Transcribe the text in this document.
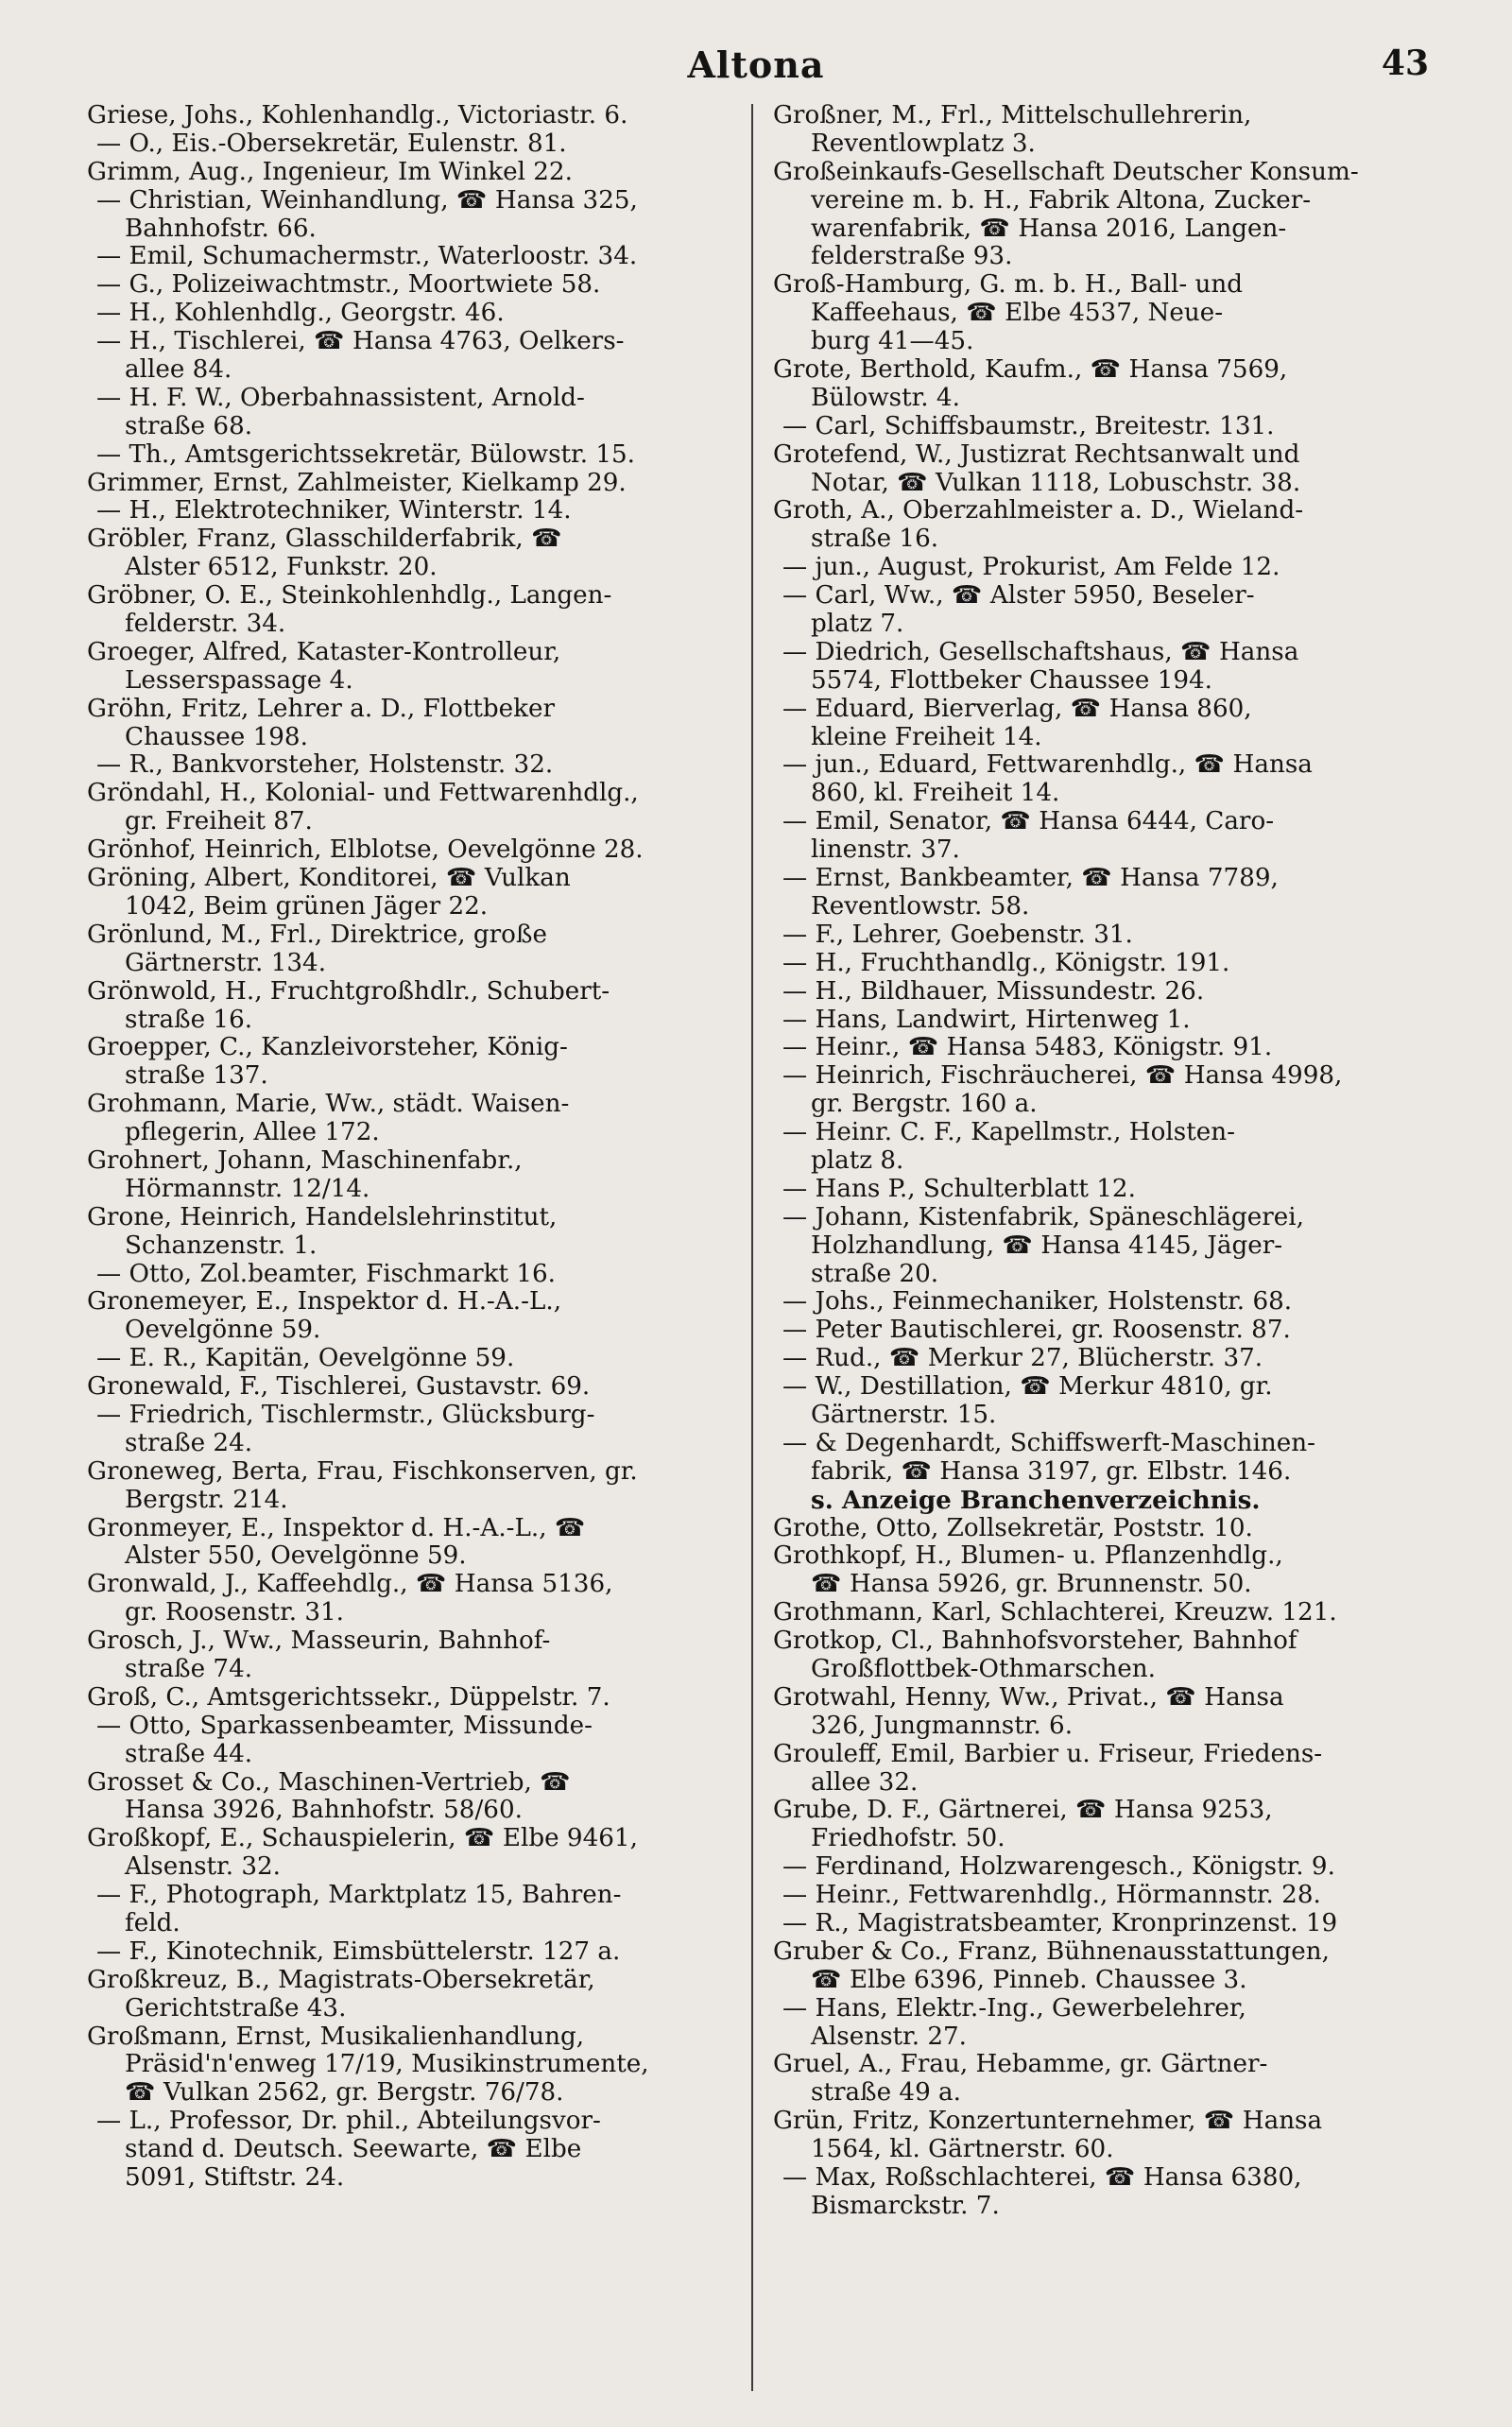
Altona	43
Griese, Johs., Kohlenhandlg., Victoriastr. 6.
— O., Eis.-Obersekretär, Eulenstr. 81.
Grimm, Aug., Ingenieur, Im Winkel 22.
— Christian, Weinhandlung, ☎ Hansa 325,
Bahnhofstr. 66.
— Emil, Schumachermstr., Waterloostr. 34.
— G., Polizeiwachtmstr., Moortwiete 58.
— H., Kohlenhdlg., Georgstr. 46.
— H., Tischlerei, ☎ Hansa 4763, Oelkers-
allee 84.
— H. F. W., Oberbahnassistent, Arnold-
straße 68.
— Th., Amtsgerichtssekretär, Bülowstr. 15.
Grimmer, Ernst, Zahlmeister, Kielkamp 29.
— H., Elektrotechniker, Winterstr. 14.
Gröbler, Franz, Glasschilderfabrik, ☎
Alster 6512, Funkstr. 20.
Gröbner, O. E., Steinkohlenhdlg., Langen-
felderstr. 34.
Groeger, Alfred, Kataster-Kontrolleur,
Lesserspassage 4.
Gröhn, Fritz, Lehrer a. D., Flottbeker
Chaussee 198.
— R., Bankvorsteher, Holstenstr. 32.
Gröndahl, H., Kolonial- und Fettwarenhdlg.,
gr. Freiheit 87.
Grönhof, Heinrich, Elblotse, Oevelgönne 28.
Gröning, Albert, Konditorei, ☎ Vulkan
1042, Beim grünen Jäger 22.
Grönlund, M., Frl., Direktrice, große
Gärtnerstr. 134.
Grönwold, H., Fruchtgroßhdlr., Schubert-
straße 16.
Groepper, C., Kanzleivorsteher, König-
straße 137.
Grohmann, Marie, Ww., städt. Waisen-
pflegerin, Allee 172.
Grohnert, Johann, Maschinenfabr.,
Hörmannstr. 12/14.
Grone, Heinrich, Handelslehrinstitut,
Schanzenstr. 1.
— Otto, Zol.beamter, Fischmarkt 16.
Gronemeyer, E., Inspektor d. H.-A.-L.,
Oevelgönne 59.
— E. R., Kapitän, Oevelgönne 59.
Gronewald, F., Tischlerei, Gustavstr. 69.
— Friedrich, Tischlermstr., Glücksburg-
straße 24.
Groneweg, Berta, Frau, Fischkonserven, gr.
Bergstr. 214.
Gronmeyer, E., Inspektor d. H.-A.-L., ☎
Alster 550, Oevelgönne 59.
Gronwald, J., Kaffeehdlg., ☎ Hansa 5136,
gr. Roosenstr. 31.
Grosch, J., Ww., Masseurin, Bahnhof-
straße 74.
Groß, C., Amtsgerichtssekr., Düppelstr. 7.
— Otto, Sparkassenbeamter, Missunde-
straße 44.
Grosset & Co., Maschinen-Vertrieb, ☎
Hansa 3926, Bahnhofstr. 58/60.
Großkopf, E., Schauspielerin, ☎ Elbe 9461,
Alsenstr. 32.
— F., Photograph, Marktplatz 15, Bahren-
feld.
— F., Kinotechnik, Eimsbüttelerstr. 127 a.
Großkreuz, B., Magistrats-Obersekretär,
Gerichtstraße 43.
Großmann, Ernst, Musikalienhandlung,
Präsid'n'enweg 17/19, Musikinstrumente,
☎ Vulkan 2562, gr. Bergstr. 76/78.
— L., Professor, Dr. phil., Abteilungsvor-
stand d. Deutsch. Seewarte, ☎ Elbe
5091, Stiftstr. 24.
Großner, M., Frl., Mittelschullehrerin,
Reventlowplatz 3.
Großeinkaufs-Gesellschaft Deutscher Konsum-
vereine m. b. H., Fabrik Altona, Zucker-
warenfabrik, ☎ Hansa 2016, Langen-
felderstraße 93.
Groß-Hamburg, G. m. b. H., Ball- und
Kaffeehaus, ☎ Elbe 4537, Neue-
burg 41—45.
Grote, Berthold, Kaufm., ☎ Hansa 7569,
Bülowstr. 4.
— Carl, Schiffsbaumstr., Breitestr. 131.
Grotefend, W., Justizrat Rechtsanwalt und
Notar, ☎ Vulkan 1118, Lobuschstr. 38.
Groth, A., Oberzahlmeister a. D., Wieland-
straße 16.
— jun., August, Prokurist, Am Felde 12.
— Carl, Ww., ☎ Alster 5950, Beseler-
platz 7.
— Diedrich, Gesellschaftshaus, ☎ Hansa
5574, Flottbeker Chaussee 194.
— Eduard, Bierverlag, ☎ Hansa 860,
kleine Freiheit 14.
— jun., Eduard, Fettwarenhdlg., ☎ Hansa
860, kl. Freiheit 14.
— Emil, Senator, ☎ Hansa 6444, Caro-
linenstr. 37.
— Ernst, Bankbeamter, ☎ Hansa 7789,
Reventlowstr. 58.
— F., Lehrer, Goebenstr. 31.
— H., Fruchthandlg., Königstr. 191.
— H., Bildhauer, Missundestr. 26.
— Hans, Landwirt, Hirtenweg 1.
— Heinr., ☎ Hansa 5483, Königstr. 91.
— Heinrich, Fischräucherei, ☎ Hansa 4998,
gr. Bergstr. 160 a.
— Heinr. C. F., Kapellmstr., Holsten-
platz 8.
— Hans P., Schulterblatt 12.
— Johann, Kistenfabrik, Späneschlägerei,
Holzhandlung, ☎ Hansa 4145, Jäger-
straße 20.
— Johs., Feinmechaniker, Holstenstr. 68.
— Peter Bautischlerei, gr. Roosenstr. 87.
— Rud., ☎ Merkur 27, Blücherstr. 37.
— W., Destillation, ☎ Merkur 4810, gr.
Gärtnerstr. 15.
— & Degenhardt, Schiffswerft-Maschinen-
fabrik, ☎ Hansa 3197, gr. Elbstr. 146.
s. Anzeige Branchenverzeichnis.
Grothe, Otto, Zollsekretär, Poststr. 10.
Grothkopf, H., Blumen- u. Pflanzenhdlg.,
☎ Hansa 5926, gr. Brunnenstr. 50.
Grothmann, Karl, Schlachterei, Kreuzw. 121.
Grotkop, Cl., Bahnhofsvorsteher, Bahnhof
Großflottbek-Othmarschen.
Grotwahl, Henny, Ww., Privat., ☎ Hansa
326, Jungmannstr. 6.
Grouleff, Emil, Barbier u. Friseur, Friedens-
allee 32.
Grube, D. F., Gärtnerei, ☎ Hansa 9253,
Friedhofstr. 50.
— Ferdinand, Holzwarengesch., Königstr. 9.
— Heinr., Fettwarenhdlg., Hörmannstr. 28.
— R., Magistratsbeamter, Kronprinzenst. 19
Gruber & Co., Franz, Bühnenausstattungen,
☎ Elbe 6396, Pinneb. Chaussee 3.
— Hans, Elektr.-Ing., Gewerbelehrer,
Alsenstr. 27.
Gruel, A., Frau, Hebamme, gr. Gärtner-
straße 49 a.
Grün, Fritz, Konzertunternehmer, ☎ Hansa
1564, kl. Gärtnerstr. 60.
— Max, Roßschlachterei, ☎ Hansa 6380,
Bismarckstr. 7.
